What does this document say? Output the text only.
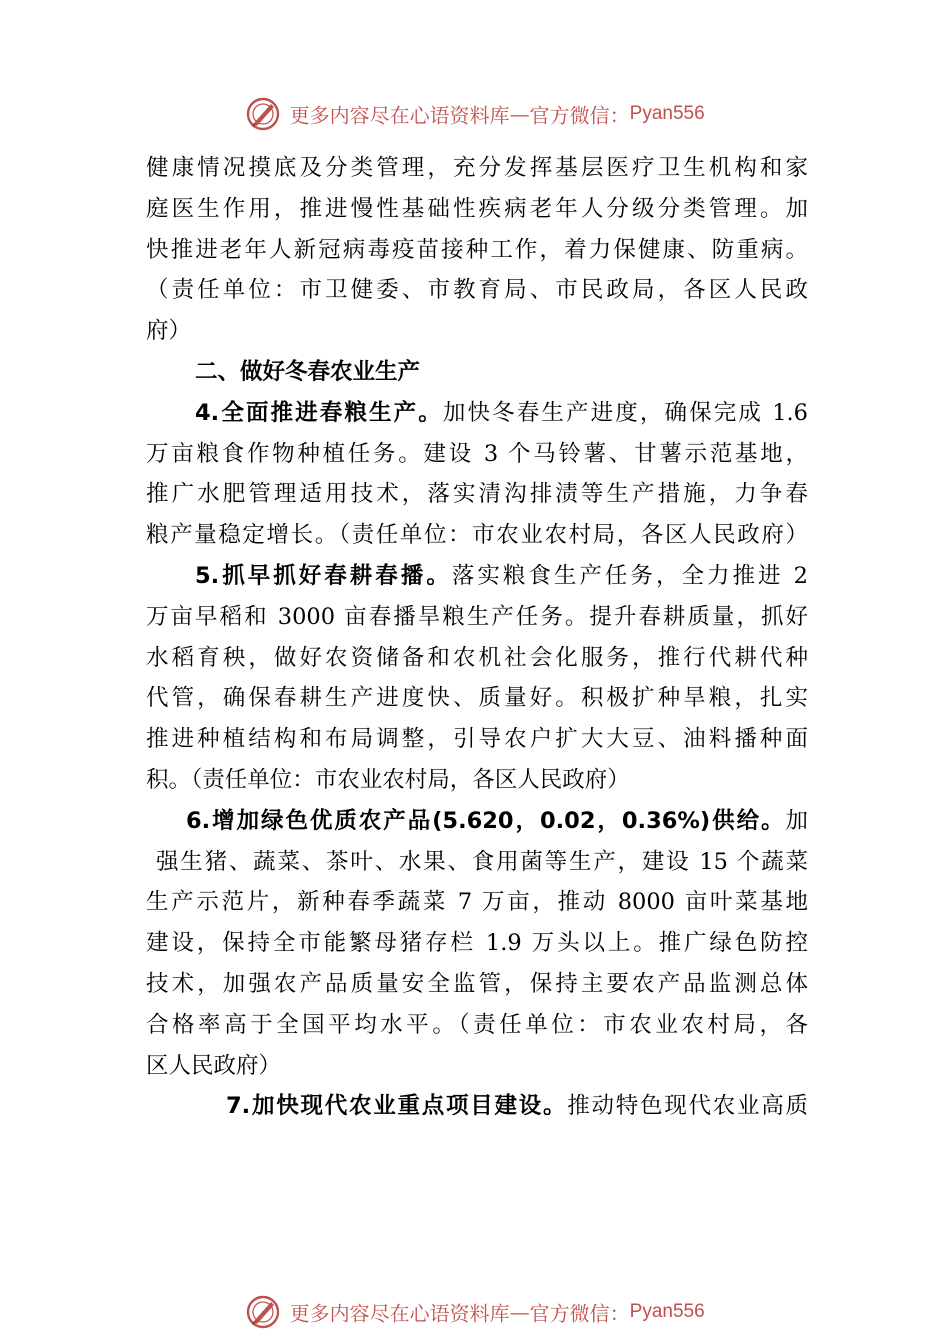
更多内容尽在心语资料库—官方微信：Pyan556
健康情况摸底及分类管理，充分发挥基层医疗卫生机构和家
庭医生作用，推进慢性基础性疾病老年人分级分类管理。加
快推进老年人新冠病毒疫苗接种工作，着力保健康、防重病。
（责任单位：市卫健委、市教育局、市民政局，各区人民政
府）
二、做好冬春农业生产
4.全面推进春粮生产。加快冬春生产进度，确保完成 1.6
万亩粮食作物种植任务。建设 3 个马铃薯、甘薯示范基地，
推广水肥管理适用技术，落实清沟排渍等生产措施，力争春
粮产量稳定增长。（责任单位：市农业农村局，各区人民政府）
5.抓早抓好春耕春播。落实粮食生产任务，全力推进 2
万亩早稻和 3000 亩春播旱粮生产任务。提升春耕质量，抓好
水稻育秧，做好农资储备和农机社会化服务，推行代耕代种
代管，确保春耕生产进度快、质量好。积极扩种旱粮，扎实
推进种植结构和布局调整，引导农户扩大大豆、油料播种面
积。（责任单位：市农业农村局，各区人民政府）
6.增加绿色优质农产品(5.620，0.02，0.36%)供给。加
强生猪、蔬菜、茶叶、水果、食用菌等生产，建设 15 个蔬菜
生产示范片，新种春季蔬菜 7 万亩，推动 8000 亩叶菜基地
建设，保持全市能繁母猪存栏 1.9 万头以上。推广绿色防控
技术，加强农产品质量安全监管，保持主要农产品监测总体
合格率高于全国平均水平。（责任单位：市农业农村局，各
区人民政府）
7.加快现代农业重点项目建设。推动特色现代农业高质
更多内容尽在心语资料库—官方微信：Pyan556
